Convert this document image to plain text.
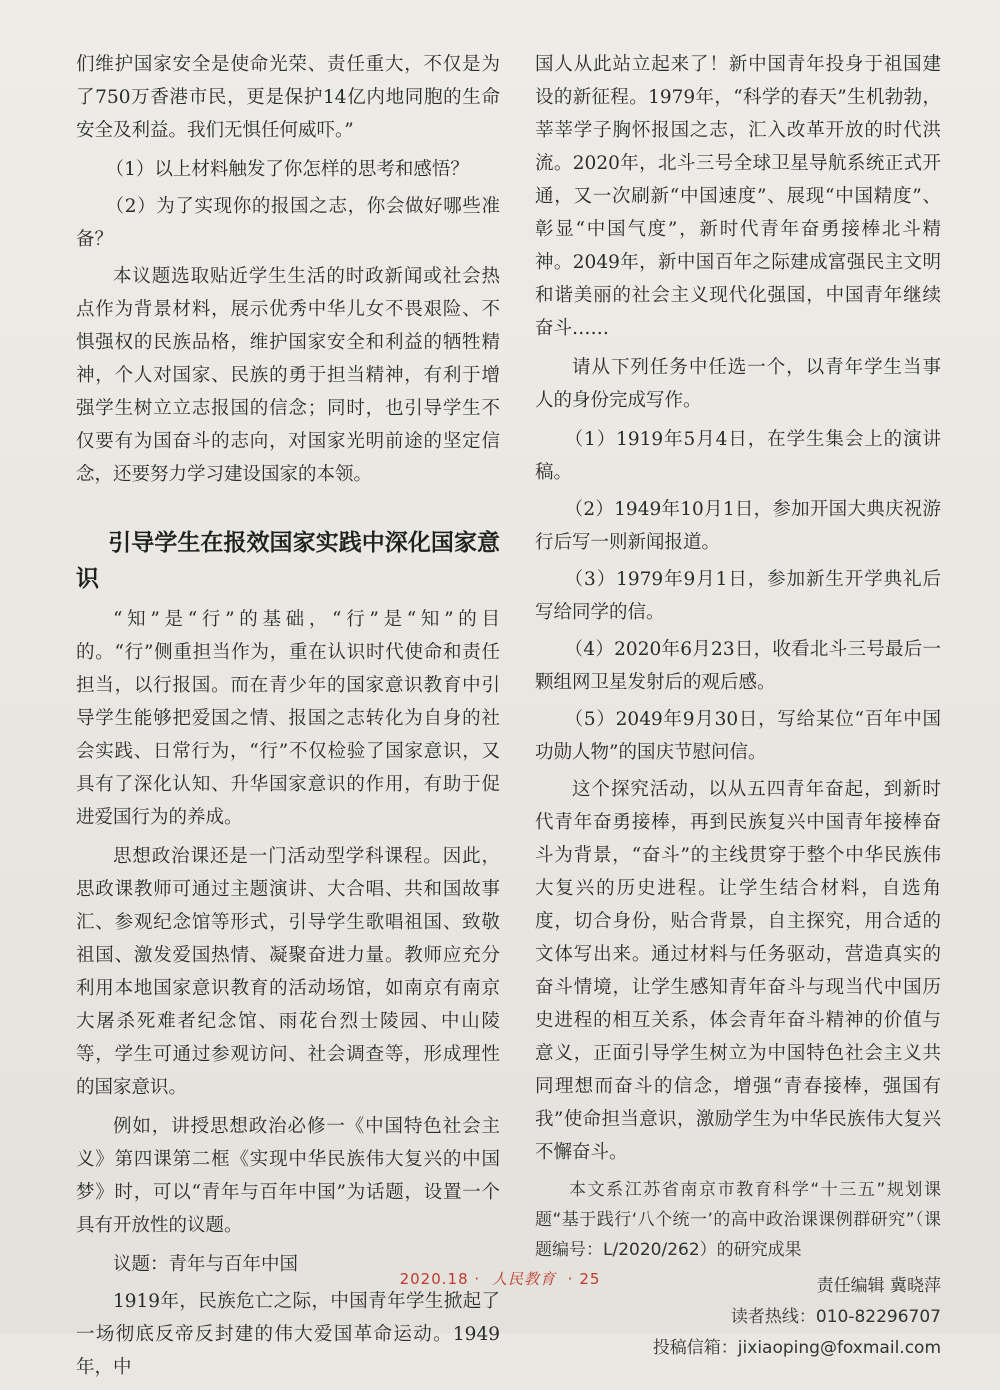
们维护国家安全是使命光荣、责任重大，不仅是为了750万香港市民，更是保护14亿内地同胞的生命安全及利益。我们无惧任何威吓。”

（1）以上材料触发了你怎样的思考和感悟？

（2）为了实现你的报国之志，你会做好哪些准备？

本议题选取贴近学生生活的时政新闻或社会热点作为背景材料，展示优秀中华儿女不畏艰险、不惧强权的民族品格，维护国家安全和利益的牺牲精神，个人对国家、民族的勇于担当精神，有利于增强学生树立立志报国的信念；同时，也引导学生不仅要有为国奋斗的志向，对国家光明前途的坚定信念，还要努力学习建设国家的本领。

引导学生在报效国家实践中深化国家意识

“知”是“行”的基础，“行”是“知”的目的。“行”侧重担当作为，重在认识时代使命和责任担当，以行报国。而在青少年的国家意识教育中引导学生能够把爱国之情、报国之志转化为自身的社会实践、日常行为，“行”不仅检验了国家意识，又具有了深化认知、升华国家意识的作用，有助于促进爱国行为的养成。

思想政治课还是一门活动型学科课程。因此，思政课教师可通过主题演讲、大合唱、共和国故事汇、参观纪念馆等形式，引导学生歌唱祖国、致敬祖国、激发爱国热情、凝聚奋进力量。教师应充分利用本地国家意识教育的活动场馆，如南京有南京大屠杀死难者纪念馆、雨花台烈士陵园、中山陵等，学生可通过参观访问、社会调查等，形成理性的国家意识。

例如，讲授思想政治必修一《中国特色社会主义》第四课第二框《实现中华民族伟大复兴的中国梦》时，可以“青年与百年中国”为话题，设置一个具有开放性的议题。

议题：青年与百年中国

1919年，民族危亡之际，中国青年学生掀起了一场彻底反帝反封建的伟大爱国革命运动。1949年，中

国人从此站立起来了！新中国青年投身于祖国建设的新征程。1979年，“科学的春天”生机勃勃，莘莘学子胸怀报国之志，汇入改革开放的时代洪流。2020年，北斗三号全球卫星导航系统正式开通，又一次刷新“中国速度”、展现“中国精度”、彰显“中国气度”，新时代青年奋勇接棒北斗精神。2049年，新中国百年之际建成富强民主文明和谐美丽的社会主义现代化强国，中国青年继续奋斗……

请从下列任务中任选一个，以青年学生当事人的身份完成写作。

（1）1919年5月4日，在学生集会上的演讲稿。

（2）1949年10月1日，参加开国大典庆祝游行后写一则新闻报道。

（3）1979年9月1日，参加新生开学典礼后写给同学的信。

（4）2020年6月23日，收看北斗三号最后一颗组网卫星发射后的观后感。

（5）2049年9月30日，写给某位“百年中国功勋人物”的国庆节慰问信。

这个探究活动，以从五四青年奋起，到新时代青年奋勇接棒，再到民族复兴中国青年接棒奋斗为背景，“奋斗”的主线贯穿于整个中华民族伟大复兴的历史进程。让学生结合材料，自选角度，切合身份，贴合背景，自主探究，用合适的文体写出来。通过材料与任务驱动，营造真实的奋斗情境，让学生感知青年奋斗与现当代中国历史进程的相互关系，体会青年奋斗精神的价值与意义，正面引导学生树立为中国特色社会主义共同理想而奋斗的信念，增强“青春接棒，强国有我”使命担当意识，激励学生为中华民族伟大复兴不懈奋斗。

本文系江苏省南京市教育科学“十三五”规划课题“基于践行‘八个统一’的高中政治课课例群研究”（课题编号：L/2020/262）的研究成果

责任编辑 冀晓萍

读者热线：010-82296707

投稿信箱：jixiaoping@foxmail.com

2020.18 · 人民教育 · 25
